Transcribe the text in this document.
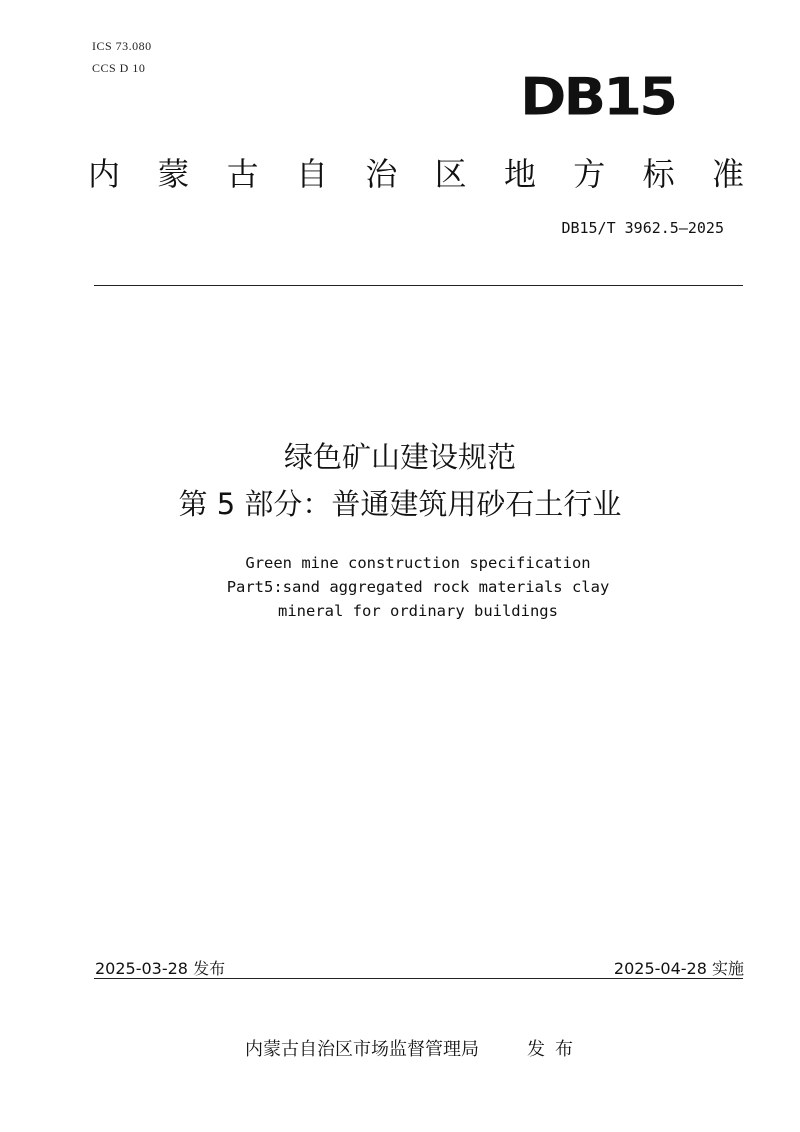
ICS 73.080
CCS D 10	DB15
内 蒙 古 自 治 区 地 方 标 准
DB15/T 3962.5—2025
绿色矿山建设规范
第 5 部分：普通建筑用砂石土行业
Green mine construction specification
Part5:sand aggregated rock materials clay
mineral for ordinary buildings
2025-03-28 发布	2025-04-28 实施
内蒙古自治区市场监督管理局	发布
